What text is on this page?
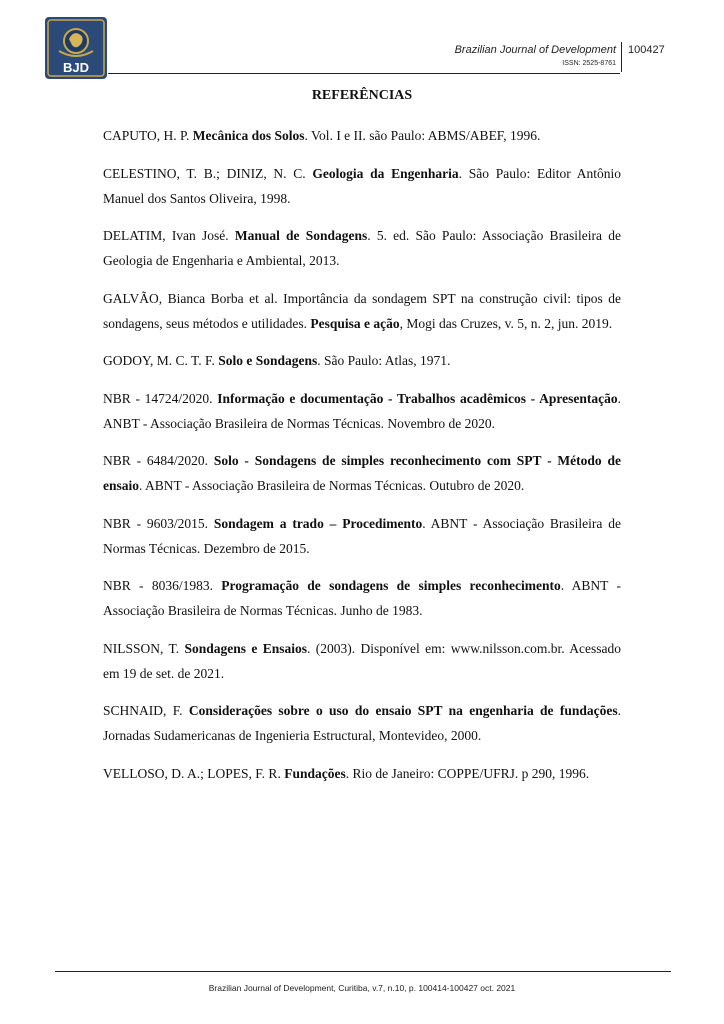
BJD
Brazilian Journal of Development
ISSN: 2525-8761
100427
REFERÊNCIAS
CAPUTO, H. P. Mecânica dos Solos. Vol. I e II. são Paulo: ABMS/ABEF, 1996.
CELESTINO, T. B.; DINIZ, N. C. Geologia da Engenharia. São Paulo: Editor Antônio Manuel dos Santos Oliveira, 1998.
DELATIM, Ivan José. Manual de Sondagens. 5. ed. São Paulo: Associação Brasileira de Geologia de Engenharia e Ambiental, 2013.
GALVÃO, Bianca Borba et al. Importância da sondagem SPT na construção civil: tipos de sondagens, seus métodos e utilidades. Pesquisa e ação, Mogi das Cruzes, v. 5, n. 2, jun. 2019.
GODOY, M. C. T. F. Solo e Sondagens. São Paulo: Atlas, 1971.
NBR - 14724/2020. Informação e documentação - Trabalhos acadêmicos - Apresentação. ANBT - Associação Brasileira de Normas Técnicas. Novembro de 2020.
NBR - 6484/2020. Solo - Sondagens de simples reconhecimento com SPT - Método de ensaio. ABNT - Associação Brasileira de Normas Técnicas. Outubro de 2020.
NBR - 9603/2015. Sondagem a trado – Procedimento. ABNT - Associação Brasileira de Normas Técnicas. Dezembro de 2015.
NBR - 8036/1983. Programação de sondagens de simples reconhecimento. ABNT - Associação Brasileira de Normas Técnicas. Junho de 1983.
NILSSON, T. Sondagens e Ensaios. (2003). Disponível em: www.nilsson.com.br. Acessado em 19 de set. de 2021.
SCHNAID, F. Considerações sobre o uso do ensaio SPT na engenharia de fundações. Jornadas Sudamericanas de Ingenieria Estructural, Montevideo, 2000.
VELLOSO, D. A.; LOPES, F. R. Fundações. Rio de Janeiro: COPPE/UFRJ. p 290, 1996.
Brazilian Journal of Development, Curitiba, v.7, n.10, p. 100414-100427 oct. 2021
